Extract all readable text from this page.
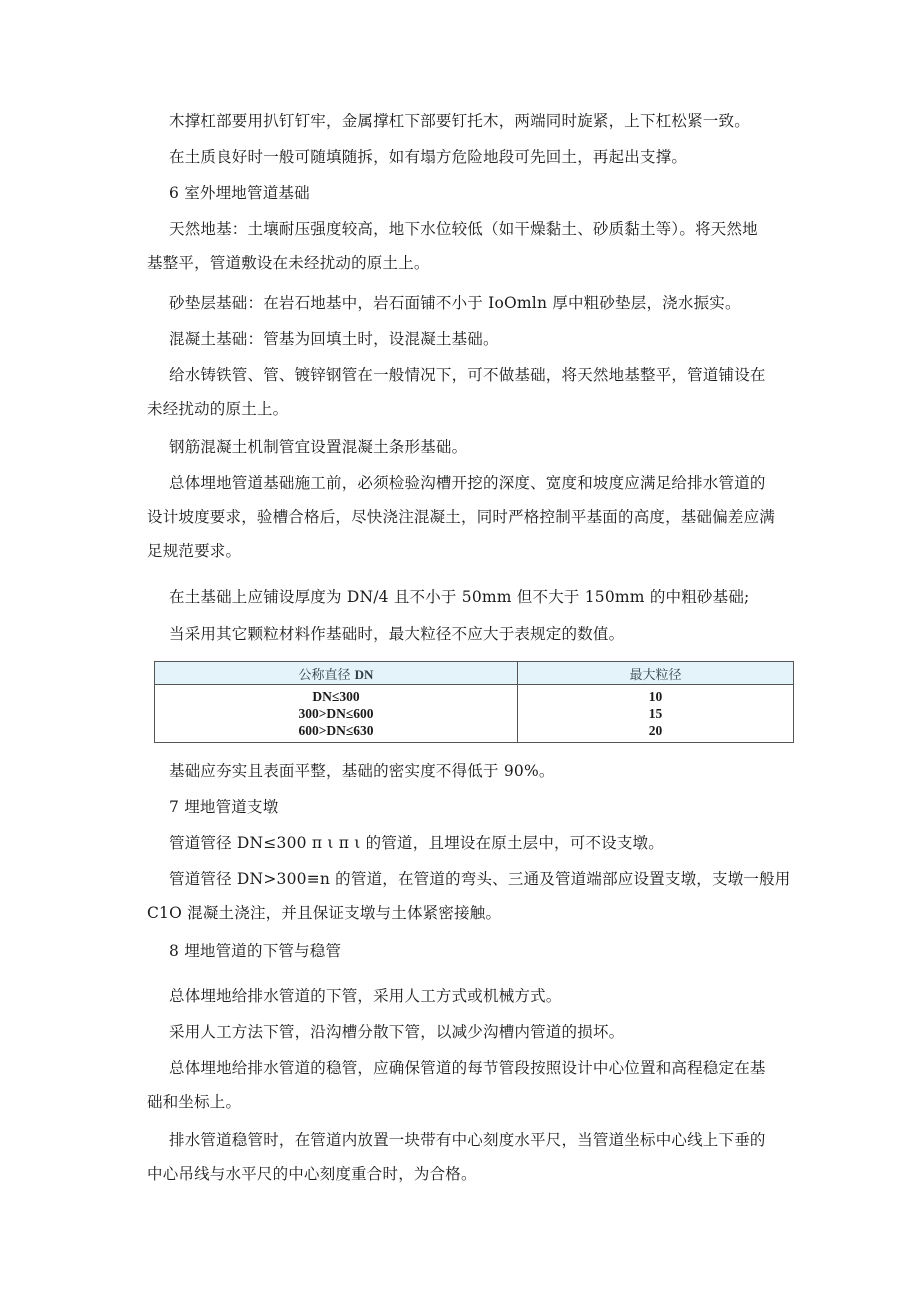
木撑杠部要用扒钉钉牢，金属撑杠下部要钉托木，两端同时旋紧，上下杠松紧一致。
在土质良好时一般可随填随拆，如有塌方危险地段可先回土，再起出支撑。
6 室外埋地管道基础
天然地基：土壤耐压强度较高，地下水位较低（如干燥黏土、砂质黏土等）。将天然地
基整平，管道敷设在未经扰动的原土上。
砂垫层基础：在岩石地基中，岩石面铺不小于 IoOmln 厚中粗砂垫层，浇水振实。
混凝土基础：管基为回填土时，设混凝土基础。
给水铸铁管、管、镀锌钢管在一般情况下，可不做基础，将天然地基整平，管道铺设在
未经扰动的原土上。
钢筋混凝土机制管宜设置混凝土条形基础。
总体埋地管道基础施工前，必须检验沟槽开挖的深度、宽度和坡度应满足给排水管道的
设计坡度要求，验槽合格后，尽快浇注混凝土，同时严格控制平基面的高度，基础偏差应满
足规范要求。
在土基础上应铺设厚度为 DN/4 且不小于 50mm 但不大于 150mm 的中粗砂基础;
当采用其它颗粒材料作基础时，最大粒径不应大于表规定的数值。
公称直径 DN	最大粒径
DN≤300	10
300>DN≤600	15
600>DN≤630	20
基础应夯实且表面平整，基础的密实度不得低于 90%。
7 埋地管道支墩
管道管径 DN≤300 π ι π ι 的管道，且埋设在原土层中，可不设支墩。
管道管径 DN>300≡n 的管道，在管道的弯头、三通及管道端部应设置支墩，支墩一般用
C1O 混凝土浇注，并且保证支墩与土体紧密接触。
8 埋地管道的下管与稳管
总体埋地给排水管道的下管，采用人工方式或机械方式。
采用人工方法下管，沿沟槽分散下管，以减少沟槽内管道的损坏。
总体埋地给排水管道的稳管，应确保管道的每节管段按照设计中心位置和高程稳定在基
础和坐标上。
排水管道稳管时，在管道内放置一块带有中心刻度水平尺，当管道坐标中心线上下垂的
中心吊线与水平尺的中心刻度重合时，为合格。
